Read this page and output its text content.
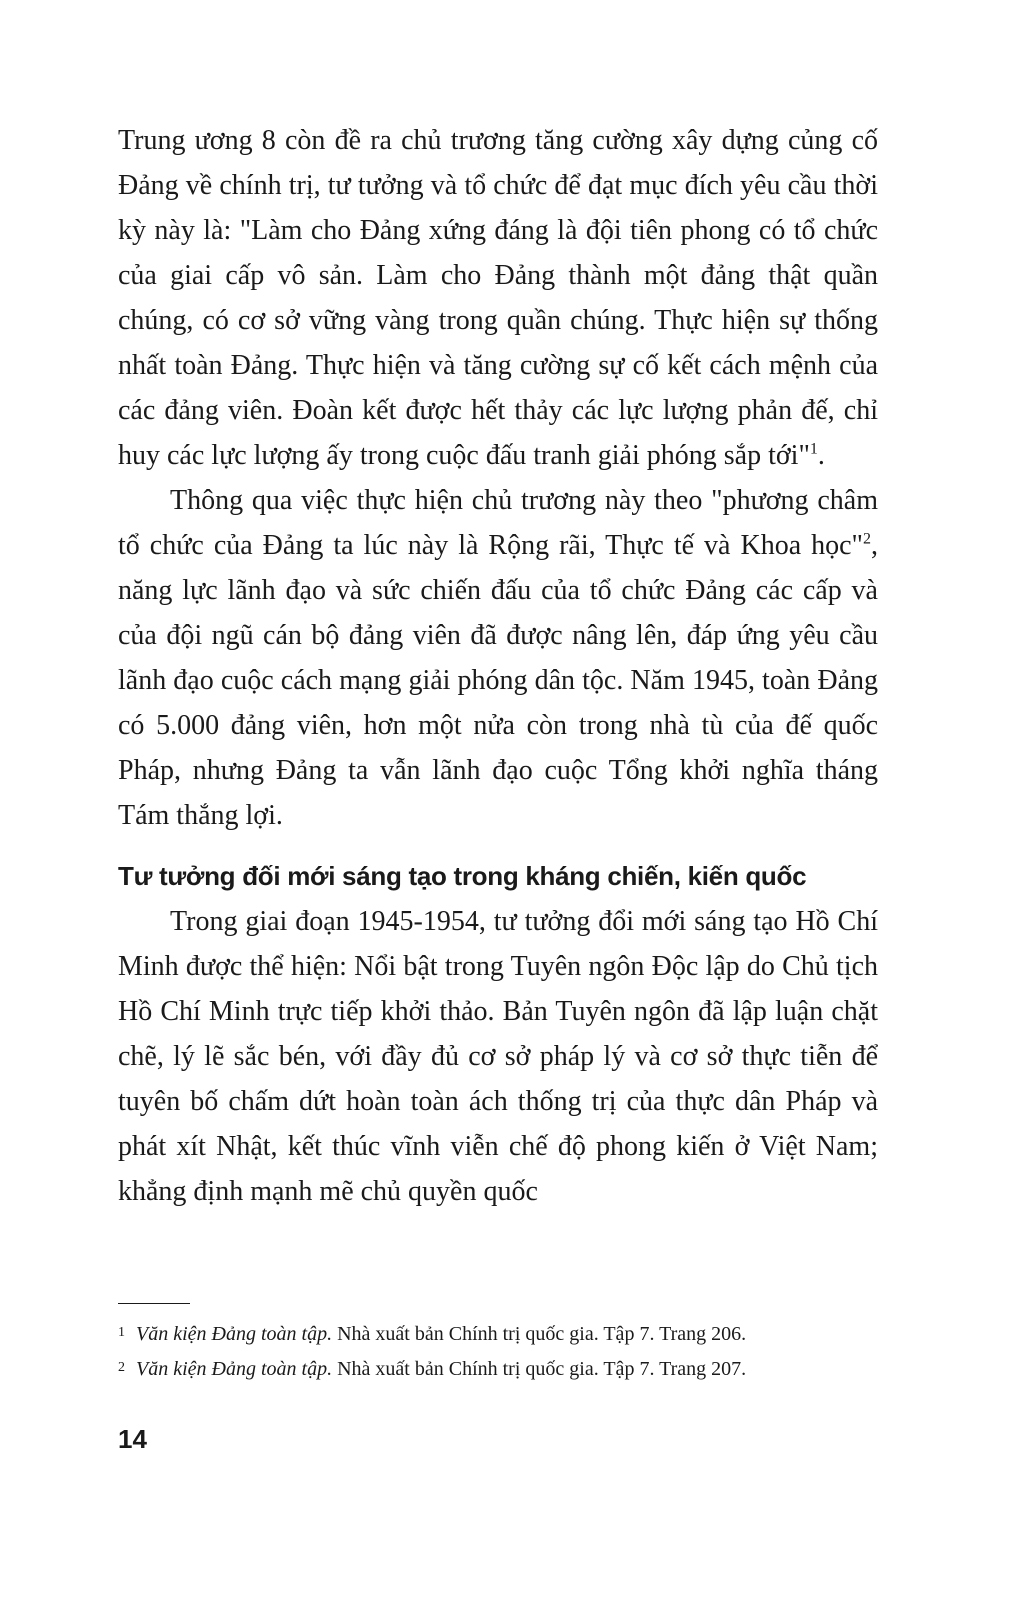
Trung ương 8 còn đề ra chủ trương tăng cường xây dựng củng cố Đảng về chính trị, tư tưởng và tổ chức để đạt mục đích yêu cầu thời kỳ này là: "Làm cho Đảng xứng đáng là đội tiên phong có tổ chức của giai cấp vô sản. Làm cho Đảng thành một đảng thật quần chúng, có cơ sở vững vàng trong quần chúng. Thực hiện sự thống nhất toàn Đảng. Thực hiện và tăng cường sự cố kết cách mệnh của các đảng viên. Đoàn kết được hết thảy các lực lượng phản đế, chỉ huy các lực lượng ấy trong cuộc đấu tranh giải phóng sắp tới"$^1$.

Thông qua việc thực hiện chủ trương này theo "phương châm tổ chức của Đảng ta lúc này là Rộng rãi, Thực tế và Khoa học"$^2$, năng lực lãnh đạo và sức chiến đấu của tổ chức Đảng các cấp và của đội ngũ cán bộ đảng viên đã được nâng lên, đáp ứng yêu cầu lãnh đạo cuộc cách mạng giải phóng dân tộc. Năm 1945, toàn Đảng có 5.000 đảng viên, hơn một nửa còn trong nhà tù của đế quốc Pháp, nhưng Đảng ta vẫn lãnh đạo cuộc Tổng khởi nghĩa tháng Tám thắng lợi.

Tư tưởng đối mới sáng tạo trong kháng chiến, kiến quốc

Trong giai đoạn 1945-1954, tư tưởng đổi mới sáng tạo Hồ Chí Minh được thể hiện: Nổi bật trong Tuyên ngôn Độc lập do Chủ tịch Hồ Chí Minh trực tiếp khởi thảo. Bản Tuyên ngôn đã lập luận chặt chẽ, lý lẽ sắc bén, với đầy đủ cơ sở pháp lý và cơ sở thực tiễn để tuyên bố chấm dứt hoàn toàn ách thống trị của thực dân Pháp và phát xít Nhật, kết thúc vĩnh viễn chế độ phong kiến ở Việt Nam; khẳng định mạnh mẽ chủ quyền quốc

1 Văn kiện Đảng toàn tập. Nhà xuất bản Chính trị quốc gia. Tập 7. Trang 206.
2 Văn kiện Đảng toàn tập. Nhà xuất bản Chính trị quốc gia. Tập 7. Trang 207.
14
